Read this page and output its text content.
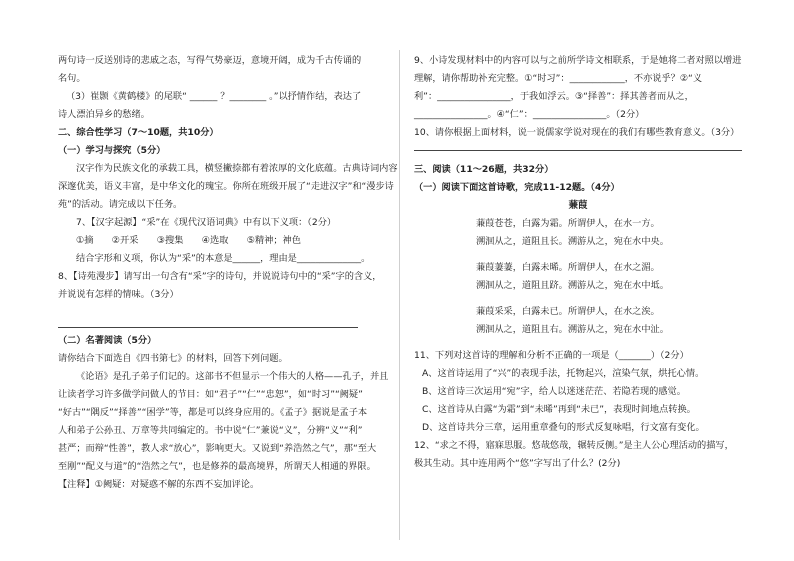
两句诗一反送别诗的悲戚之态，写得气势豪迈，意境开阔，成为千古传诵的
名句。
（3）崔颢《黄鹤楼》的尾联“ ______ ？________ 。”以抒情作结，表达了
诗人漂泊异乡的愁绪。
二、综合性学习（7～10题，共10分）
（一）学习与探究（5分）
汉字作为民族文化的承载工具，横竖撇捺都有着浓厚的文化底蕴。古典诗词内容
深邃优美，语义丰富，是中华文化的瑰宝。你所在班级开展了“走进汉字”和“漫步诗
苑”的活动。请完成以下任务。
7、【汉字起源】“采”在《现代汉语词典》中有以下义项：（2分）
①摘　　②开采　　③搜集　　④选取　　⑤精神；神色
结合字形和义项，你认为“采”的本意是______，理由是______________。
8、【诗苑漫步】请写出一句含有“采”字的诗句，并说说诗句中的“采”字的含义，
并说说有怎样的情味。（3分）
（二）名著阅读（5分）
请你结合下面选自《四书第七》的材料，回答下列问题。
《论语》是孔子弟子们记的。这部书不但显示一个伟大的人格——孔子，并且
让读者学习许多做学问做人的节目：如“君子”“仁”“忠恕”，如“时习”“阙疑”
“好古”“隅反”“择善”“困学”等，都是可以终身应用的。《孟子》据说是孟子本
人和弟子公孙丑、万章等共同编定的。书中说“仁”兼说“义”，分辨“义”“利”
甚严；而辩“性善”，教人求“放心”，影响更大。又说到“养浩然之气”，那“至大
至刚”“配义与道”的“浩然之气”，也是修养的最高境界，所谓天人相通的界限。
【注释】①阙疑：对疑惑不解的东西不妄加评论。
9、小诗发现材料中的内容可以与之前所学诗文相联系，于是她将二者对照以增进
理解，请你帮助补充完整。①“时习”：____________，不亦说乎？②“义
利”：________________，于我如浮云。③“择善”：择其善者而从之，
________________。④“仁”：________________。（2分）
10、请你根据上面材料，说一说儒家学说对现在的我们有哪些教育意义。（3分）
三、阅读（11～26题，共32分）
（一）阅读下面这首诗歌，完成11-12题。（4分）
蒹葭
蒹葭苍苍，白露为霜。所谓伊人，在水一方。
溯洄从之，道阻且长。溯游从之，宛在水中央。
蒹葭萋萋，白露未晞。所谓伊人，在水之湄。
溯洄从之，道阻且跻。溯游从之，宛在水中坻。
蒹葭采采，白露未已。所谓伊人，在水之涘。
溯洄从之，道阻且右。溯游从之，宛在水中沚。
11、下列对这首诗的理解和分析不正确的一项是（_______）（2分）
A、这首诗运用了“兴”的表现手法，托物起兴，渲染气氛，烘托心情。
B、这首诗三次运用“宛”字，给人以迷迷茫茫、若隐若现的感觉。
C、这首诗从白露“为霜”到“未晞”再到“未已”，表现时间地点转换。
D、这首诗共分三章，运用重章叠句的形式反复咏唱，行文富有变化。
12、“求之不得，寤寐思服。悠哉悠哉，辗转反侧。”是主人公心理活动的描写，
极其生动。其中连用两个“悠”字写出了什么？(2分)
